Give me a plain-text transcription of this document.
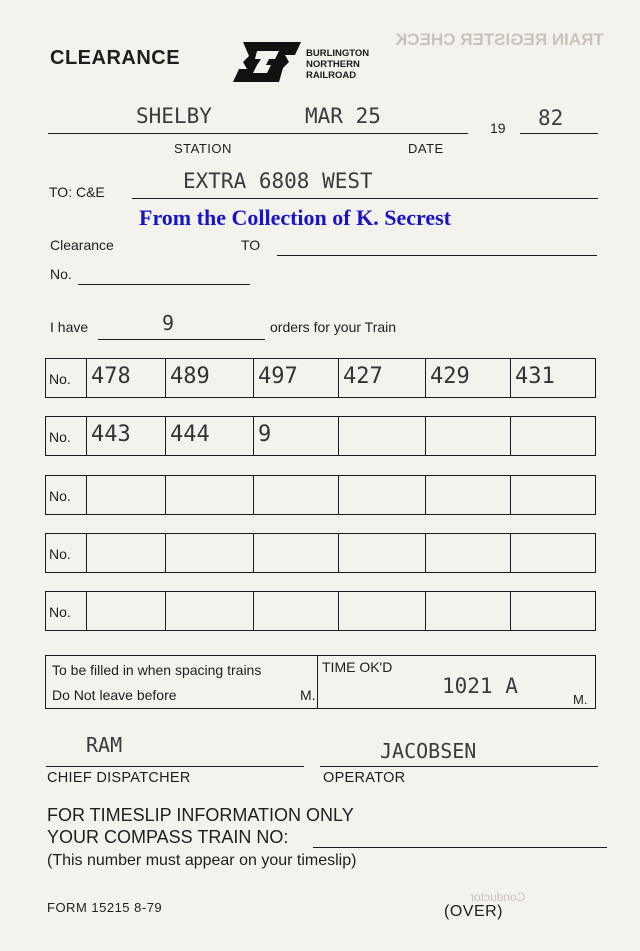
TRAIN REGISTER CHECK
Conductor
CLEARANCE	BURLINGTON
NORTHERN
RAILROAD
SHELBY	MAR 25	19 82
STATION	DATE
TO: C&E	EXTRA 6808 WEST
From the Collection of K. Secrest
Clearance	TO
No.
I have	9	orders for your Train
No. 478 489 497 427 429 431
No. 443 444 9
No.
No.
No.
To be filled in when spacing trains
Do Not leave before	M.
TIME OK'D
1021 A
M.
RAM
CHIEF DISPATCHER
JACOBSEN
OPERATOR
FOR TIMESLIP INFORMATION ONLY
YOUR COMPASS TRAIN NO:
(This number must appear on your timeslip)
FORM 15215 8-79	(OVER)
